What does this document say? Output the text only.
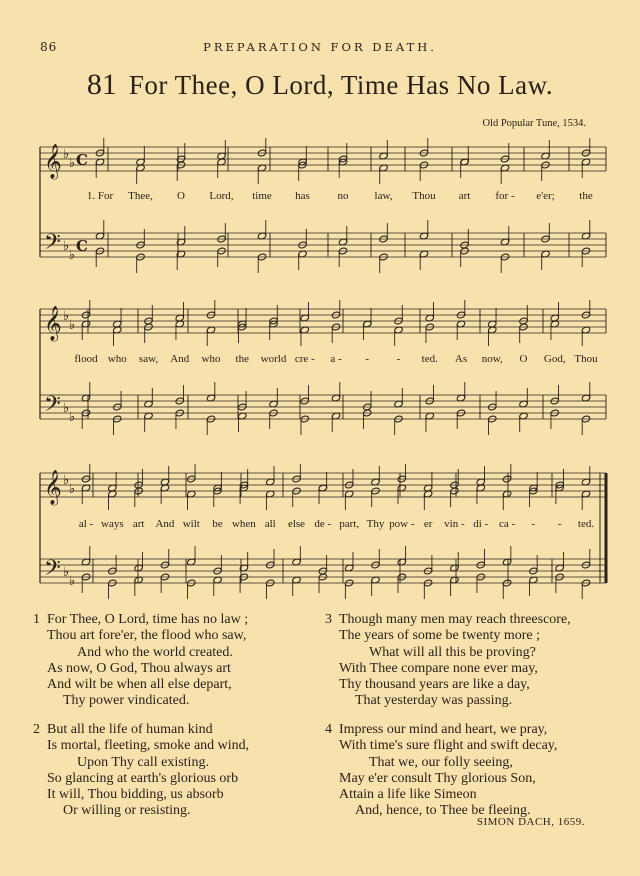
86	PREPARATION FOR DEATH.
81 For Thee, O Lord, Time Has No Law.
Old Popular Tune, 1534.
𝄞
𝄢
♭
♭
♭
♭
C
C
1. For Thee, O Lord, time has	no law, Thou art for - e'er; the
𝄞
𝄢
♭
♭
♭
♭
flood who saw, And who the world cre - a - -	- ted. As now, O God, Thou
𝄞
𝄢
♭
♭
♭
♭
al - ways art And wilt be when all else de - part, Thy pow - er vin - di - ca - - - ted.
1 For Thee, O Lord, time has no law ;
Thou art fore'er, the flood who saw,
And who the world created.
As now, O God, Thou always art
And wilt be when all else depart,
Thy power vindicated.
2 But all the life of human kind
Is mortal, fleeting, smoke and wind,
Upon Thy call existing.
So glancing at earth's glorious orb
It will, Thou bidding, us absorb
Or willing or resisting.
3 Though many men may reach threescore,
The years of some be twenty more ;
What will all this be proving?
With Thee compare none ever may,
Thy thousand years are like a day,
That yesterday was passing.
4 Impress our mind and heart, we pray,
With time's sure flight and swift decay,
That we, our folly seeing,
May e'er consult Thy glorious Son,
Attain a life like Simeon
And, hence, to Thee be fleeing.
SIMON DACH, 1659.
